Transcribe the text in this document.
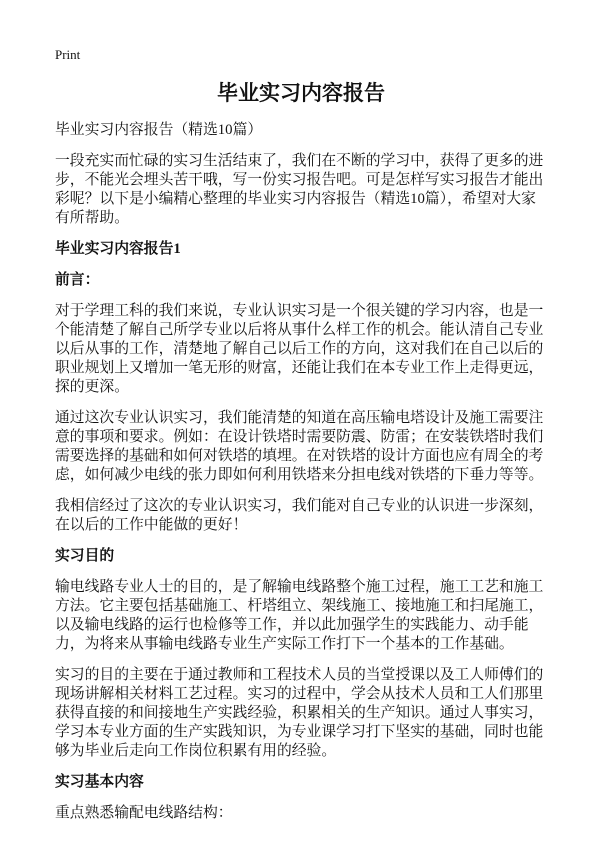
Print

毕业实习内容报告

毕业实习内容报告（精选10篇）

一段充实而忙碌的实习生活结束了，我们在不断的学习中，获得了更多的进步，不能光会埋头苦干哦，写一份实习报告吧。可是怎样写实习报告才能出彩呢？以下是小编精心整理的毕业实习内容报告（精选10篇），希望对大家有所帮助。

毕业实习内容报告1

前言：

对于学理工科的我们来说，专业认识实习是一个很关键的学习内容，也是一个能清楚了解自己所学专业以后将从事什么样工作的机会。能认清自己专业以后从事的工作，清楚地了解自己以后工作的方向，这对我们在自己以后的职业规划上又增加一笔无形的财富，还能让我们在本专业工作上走得更远，探的更深。

通过这次专业认识实习，我们能清楚的知道在高压输电塔设计及施工需要注意的事项和要求。例如：在设计铁塔时需要防震、防雷；在安装铁塔时我们需要选择的基础和如何对铁塔的填埋。在对铁塔的设计方面也应有周全的考虑，如何减少电线的张力即如何利用铁塔来分担电线对铁塔的下垂力等等。

我相信经过了这次的专业认识实习，我们能对自己专业的认识进一步深刻，在以后的工作中能做的更好！

实习目的

输电线路专业人士的目的，是了解输电线路整个施工过程，施工工艺和施工方法。它主要包括基础施工、杆塔组立、架线施工、接地施工和扫尾施工，以及输电线路的运行也检修等工作，并以此加强学生的实践能力、动手能力，为将来从事输电线路专业生产实际工作打下一个基本的工作基础。

实习的目的主要在于通过教师和工程技术人员的当堂授课以及工人师傅们的现场讲解相关材料工艺过程。实习的过程中，学会从技术人员和工人们那里获得直接的和间接地生产实践经验，积累相关的生产知识。通过人事实习，学习本专业方面的生产实践知识，为专业课学习打下坚实的基础，同时也能够为毕业后走向工作岗位积累有用的经验。

实习基本内容

重点熟悉输配电线路结构：
